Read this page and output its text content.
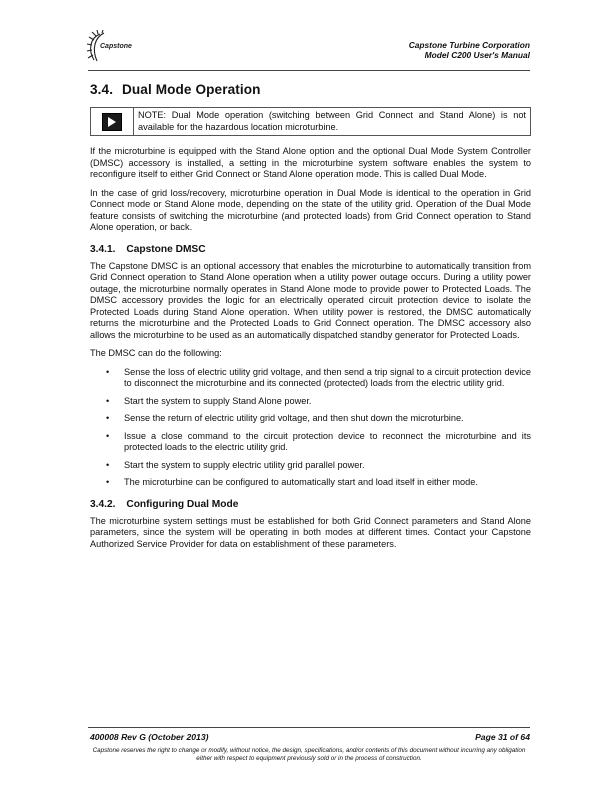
Capstone	Capstone Turbine Corporation
Model C200 User's Manual
3.4. Dual Mode Operation
NOTE: Dual Mode operation (switching between Grid Connect and Stand Alone) is not available for the hazardous location microturbine.

If the microturbine is equipped with the Stand Alone option and the optional Dual Mode System Controller (DMSC) accessory is installed, a setting in the microturbine system software enables the system to reconfigure itself to either Grid Connect or Stand Alone operation mode. This is called Dual Mode.

In the case of grid loss/recovery, microturbine operation in Dual Mode is identical to the operation in Grid Connect mode or Stand Alone mode, depending on the state of the utility grid. Operation of the Dual Mode feature consists of switching the microturbine (and protected loads) from Grid Connect operation to Stand Alone operation, or back.

3.4.1. Capstone DMSC

The Capstone DMSC is an optional accessory that enables the microturbine to automatically transition from Grid Connect operation to Stand Alone operation when a utility power outage occurs. During a utility power outage, the microturbine normally operates in Stand Alone mode to provide power to Protected Loads. The DMSC accessory provides the logic for an electrically operated circuit protection device to isolate the Protected Loads during Stand Alone operation. When utility power is restored, the DMSC automatically returns the microturbine and the Protected Loads to Grid Connect operation. The DMSC accessory also allows the microturbine to be used as an automatically dispatched standby generator for Protected Loads.

The DMSC can do the following:

• Sense the loss of electric utility grid voltage, and then send a trip signal to a circuit protection device to disconnect the microturbine and its connected (protected) loads from the electric utility grid.
• Start the system to supply Stand Alone power.
• Sense the return of electric utility grid voltage, and then shut down the microturbine.
• Issue a close command to the circuit protection device to reconnect the microturbine and its protected loads to the electric utility grid.
• Start the system to supply electric utility grid parallel power.
• The microturbine can be configured to automatically start and load itself in either mode.
3.4.2. Configuring Dual Mode

The microturbine system settings must be established for both Grid Connect parameters and Stand Alone parameters, since the system will be operating in both modes at different times. Contact your Capstone Authorized Service Provider for data on establishment of these parameters.

400008 Rev G (October 2013)	Page 31 of 64
Capstone reserves the right to change or modify, without notice, the design, specifications, and/or contents of this document without incurring any obligation either with respect to equipment previously sold or in the process of construction.
